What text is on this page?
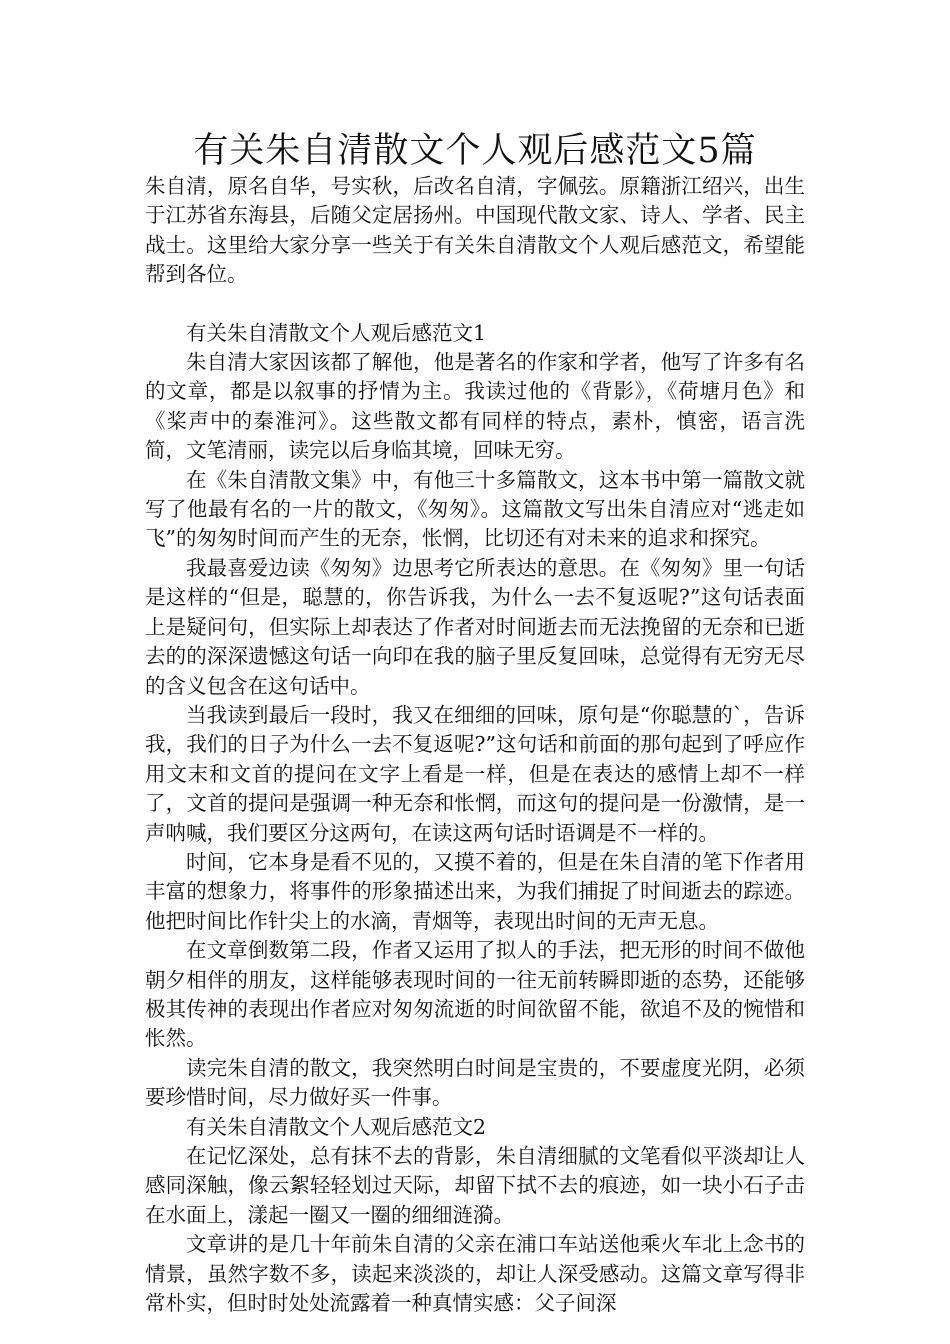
有关朱自清散文个人观后感范文5篇

朱自清，原名自华，号实秋，后改名自清，字佩弦。原籍浙江绍兴，出生于江苏省东海县，后随父定居扬州。中国现代散文家、诗人、学者、民主战士。这里给大家分享一些关于有关朱自清散文个人观后感范文，希望能帮到各位。

有关朱自清散文个人观后感范文1

朱自清大家因该都了解他，他是著名的作家和学者，他写了许多有名的文章，都是以叙事的抒情为主。我读过他的《背影》，《荷塘月色》和《桨声中的秦淮河》。这些散文都有同样的特点，素朴，慎密，语言洗简，文笔清丽，读完以后身临其境，回味无穷。

在《朱自清散文集》中，有他三十多篇散文，这本书中第一篇散文就写了他最有名的一片的散文，《匆匆》。这篇散文写出朱自清应对“逃走如飞”的匆匆时间而产生的无奈，怅惘，比切还有对未来的追求和探究。

我最喜爱边读《匆匆》边思考它所表达的意思。在《匆匆》里一句话是这样的“但是，聪慧的，你告诉我，为什么一去不复返呢?”这句话表面上是疑问句，但实际上却表达了作者对时间逝去而无法挽留的无奈和已逝去的的深深遗憾这句话一向印在我的脑子里反复回味，总觉得有无穷无尽的含义包含在这句话中。

当我读到最后一段时，我又在细细的回味，原句是“你聪慧的`，告诉我，我们的日子为什么一去不复返呢?”这句话和前面的那句起到了呼应作用文末和文首的提问在文字上看是一样，但是在表达的感情上却不一样了，文首的提问是强调一种无奈和怅惘，而这句的提问是一份激情，是一声呐喊，我们要区分这两句，在读这两句话时语调是不一样的。

时间，它本身是看不见的，又摸不着的，但是在朱自清的笔下作者用丰富的想象力，将事件的形象描述出来，为我们捕捉了时间逝去的踪迹。他把时间比作针尖上的水滴，青烟等，表现出时间的无声无息。

在文章倒数第二段，作者又运用了拟人的手法，把无形的时间不做他朝夕相伴的朋友，这样能够表现时间的一往无前转瞬即逝的态势，还能够极其传神的表现出作者应对匆匆流逝的时间欲留不能，欲追不及的惋惜和怅然。

读完朱自清的散文，我突然明白时间是宝贵的，不要虚度光阴，必须要珍惜时间，尽力做好买一件事。

有关朱自清散文个人观后感范文2

在记忆深处，总有抹不去的背影，朱自清细腻的文笔看似平淡却让人感同深触，像云絮轻轻划过天际，却留下拭不去的痕迹，如一块小石子击在水面上，漾起一圈又一圈的细细涟漪。

文章讲的是几十年前朱自清的父亲在浦口车站送他乘火车北上念书的情景，虽然字数不多，读起来淡淡的，却让人深受感动。这篇文章写得非常朴实，但时时处处流露着一种真情实感：父子间深
